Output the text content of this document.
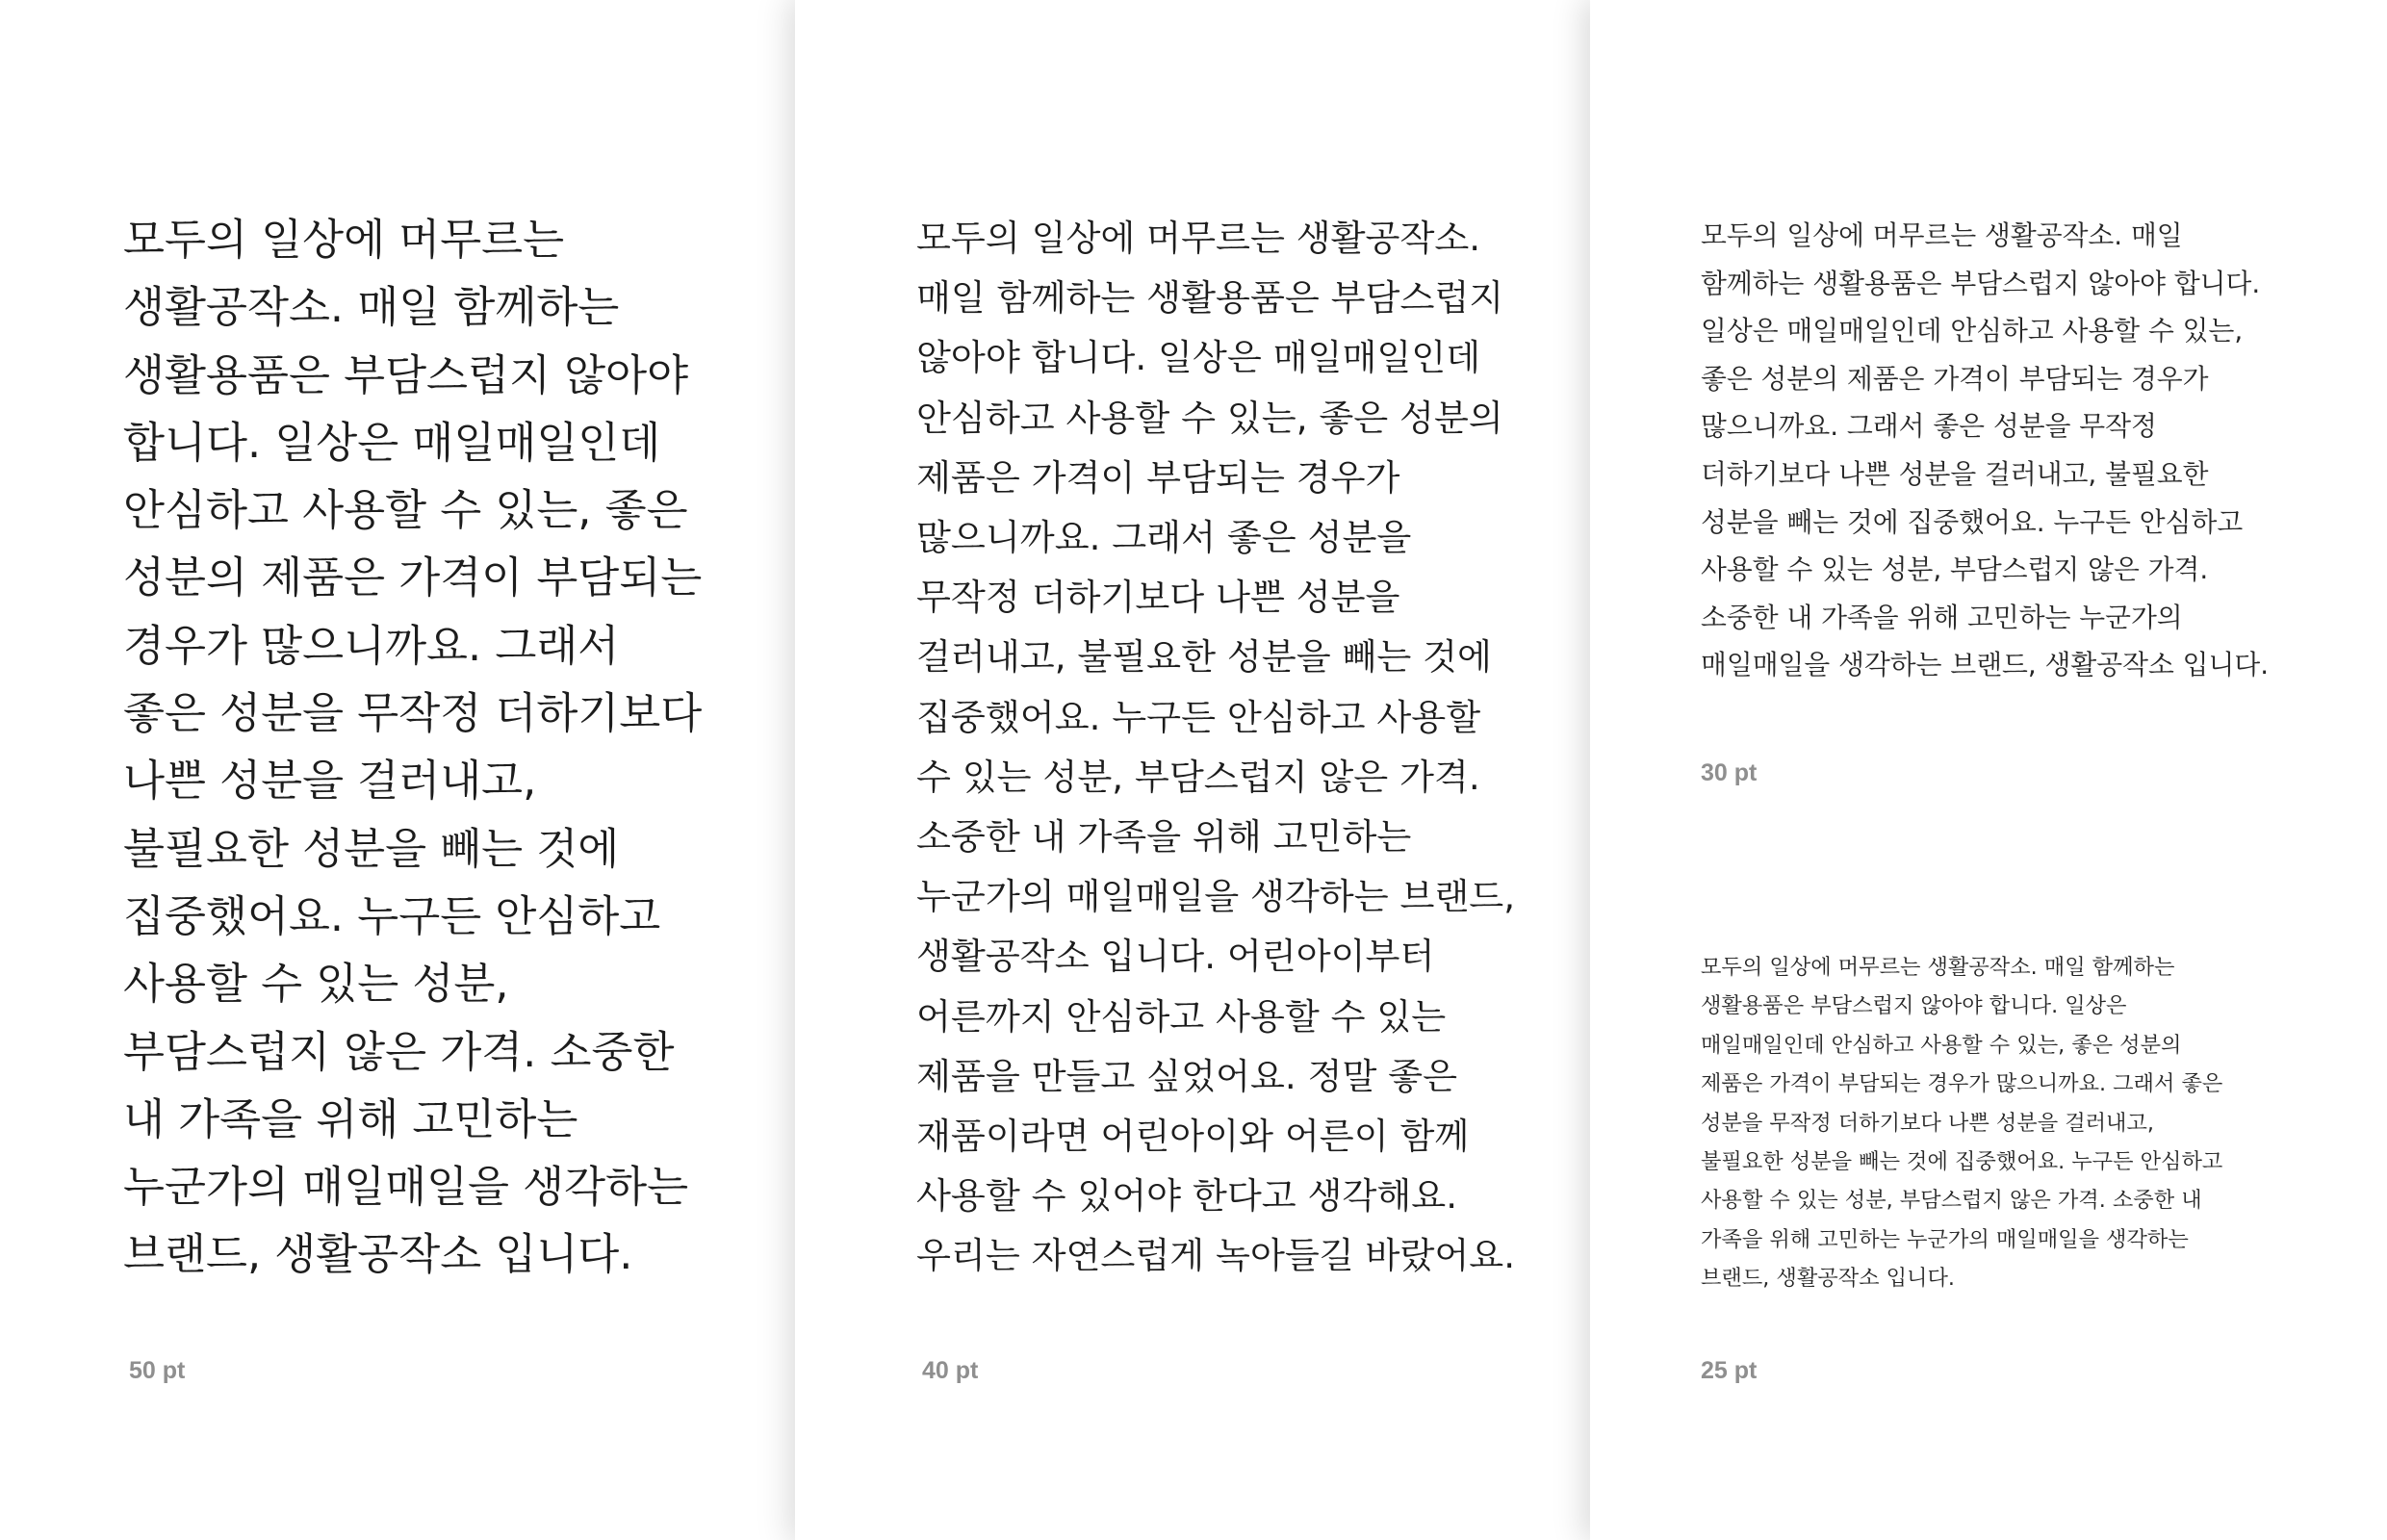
모두의 일상에 머무르는
생활공작소. 매일 함께하는
생활용품은 부담스럽지 않아야
합니다. 일상은 매일매일인데
안심하고 사용할 수 있는, 좋은
성분의 제품은 가격이 부담되는
경우가 많으니까요. 그래서
좋은 성분을 무작정 더하기보다
나쁜 성분을 걸러내고,
불필요한 성분을 빼는 것에
집중했어요. 누구든 안심하고
사용할 수 있는 성분,
부담스럽지 않은 가격. 소중한
내 가족을 위해 고민하는
누군가의 매일매일을 생각하는
브랜드, 생활공작소 입니다.

50 pt

모두의 일상에 머무르는 생활공작소.
매일 함께하는 생활용품은 부담스럽지
않아야 합니다. 일상은 매일매일인데
안심하고 사용할 수 있는, 좋은 성분의
제품은 가격이 부담되는 경우가
많으니까요. 그래서 좋은 성분을
무작정 더하기보다 나쁜 성분을
걸러내고, 불필요한 성분을 빼는 것에
집중했어요. 누구든 안심하고 사용할
수 있는 성분, 부담스럽지 않은 가격.
소중한 내 가족을 위해 고민하는
누군가의 매일매일을 생각하는 브랜드,
생활공작소 입니다. 어린아이부터
어른까지 안심하고 사용할 수 있는
제품을 만들고 싶었어요. 정말 좋은
재품이라면 어린아이와 어른이 함께
사용할 수 있어야 한다고 생각해요.
우리는 자연스럽게 녹아들길 바랐어요.

40 pt

모두의 일상에 머무르는 생활공작소. 매일
함께하는 생활용품은 부담스럽지 않아야 합니다.
일상은 매일매일인데 안심하고 사용할 수 있는,
좋은 성분의 제품은 가격이 부담되는 경우가
많으니까요. 그래서 좋은 성분을 무작정
더하기보다 나쁜 성분을 걸러내고, 불필요한
성분을 빼는 것에 집중했어요. 누구든 안심하고
사용할 수 있는 성분, 부담스럽지 않은 가격.
소중한 내 가족을 위해 고민하는 누군가의
매일매일을 생각하는 브랜드, 생활공작소 입니다.

30 pt

모두의 일상에 머무르는 생활공작소. 매일 함께하는
생활용품은 부담스럽지 않아야 합니다. 일상은
매일매일인데 안심하고 사용할 수 있는, 좋은 성분의
제품은 가격이 부담되는 경우가 많으니까요. 그래서 좋은
성분을 무작정 더하기보다 나쁜 성분을 걸러내고,
불필요한 성분을 빼는 것에 집중했어요. 누구든 안심하고
사용할 수 있는 성분, 부담스럽지 않은 가격. 소중한 내
가족을 위해 고민하는 누군가의 매일매일을 생각하는
브랜드, 생활공작소 입니다.

25 pt
